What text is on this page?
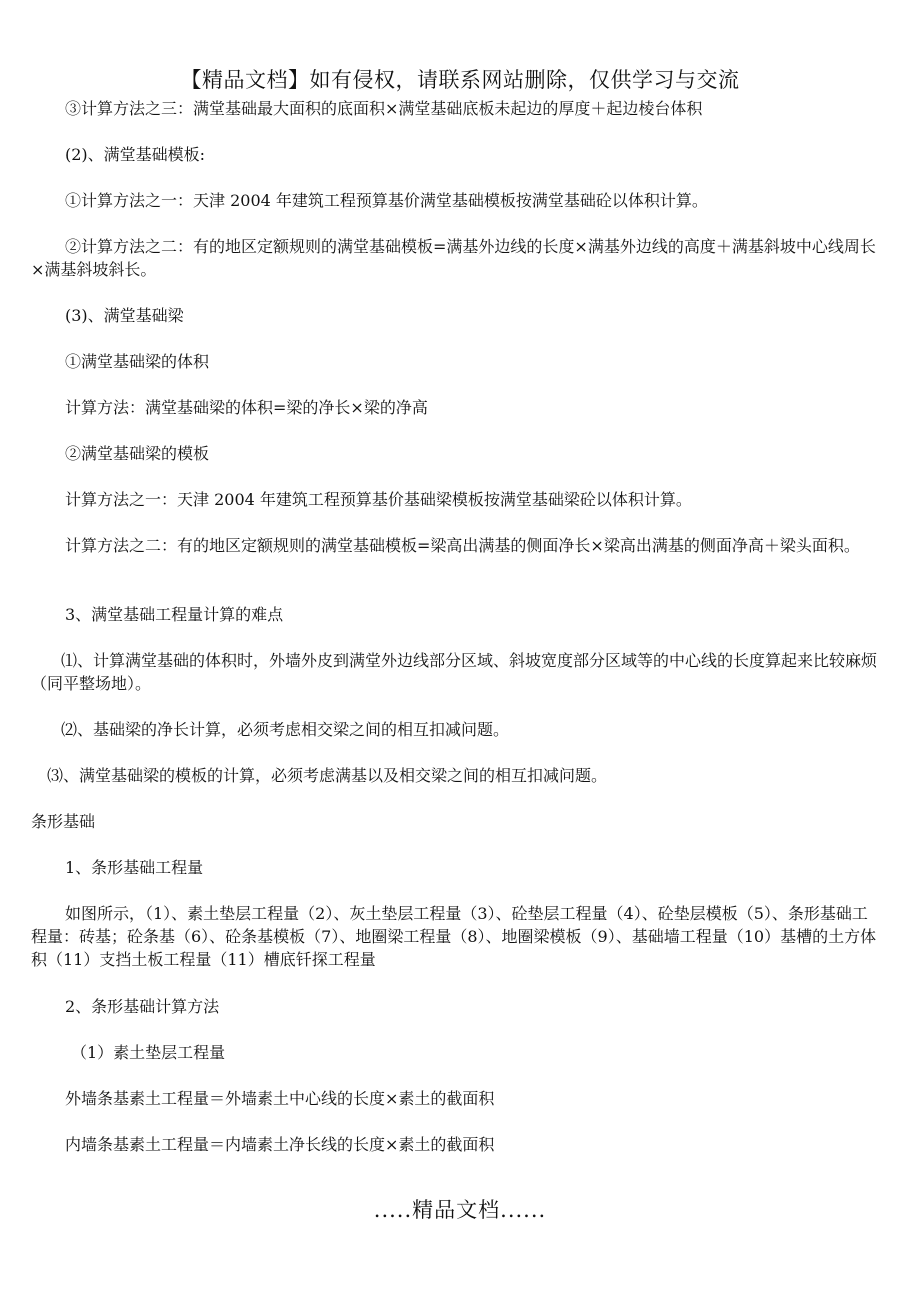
【精品文档】如有侵权，请联系网站删除，仅供学习与交流
③计算方法之三：满堂基础最大面积的底面积×满堂基础底板未起边的厚度＋起边棱台体积
(2)、满堂基础模板:
①计算方法之一：天津 2004 年建筑工程预算基价满堂基础模板按满堂基础砼以体积计算。
②计算方法之二：有的地区定额规则的满堂基础模板=满基外边线的长度×满基外边线的高度＋满基斜坡中心线周长×满基斜坡斜长。
(3)、满堂基础梁
①满堂基础梁的体积
计算方法：满堂基础梁的体积=梁的净长×梁的净高
②满堂基础梁的模板
计算方法之一：天津 2004 年建筑工程预算基价基础梁模板按满堂基础梁砼以体积计算。
计算方法之二：有的地区定额规则的满堂基础模板=梁高出满基的侧面净长×梁高出满基的侧面净高＋梁头面积。
3、满堂基础工程量计算的难点
⑴、计算满堂基础的体积时，外墙外皮到满堂外边线部分区域、斜坡宽度部分区域等的中心线的长度算起来比较麻烦（同平整场地）。
⑵、基础梁的净长计算，必须考虑相交梁之间的相互扣减问题。
⑶、满堂基础梁的模板的计算，必须考虑满基以及相交梁之间的相互扣减问题。
条形基础
1、条形基础工程量
如图所示，（1）、素土垫层工程量（2）、灰土垫层工程量（3）、砼垫层工程量（4）、砼垫层模板（5）、条形基础工程量：砖基；砼条基（6）、砼条基模板（7）、地圈梁工程量（8）、地圈梁模板（9）、基础墙工程量（10）基槽的土方体积（11）支挡土板工程量（11）槽底钎探工程量
2、条形基础计算方法
（1）素土垫层工程量
外墙条基素土工程量＝外墙素土中心线的长度×素土的截面积
内墙条基素土工程量＝内墙素土净长线的长度×素土的截面积
.....精品文档......
